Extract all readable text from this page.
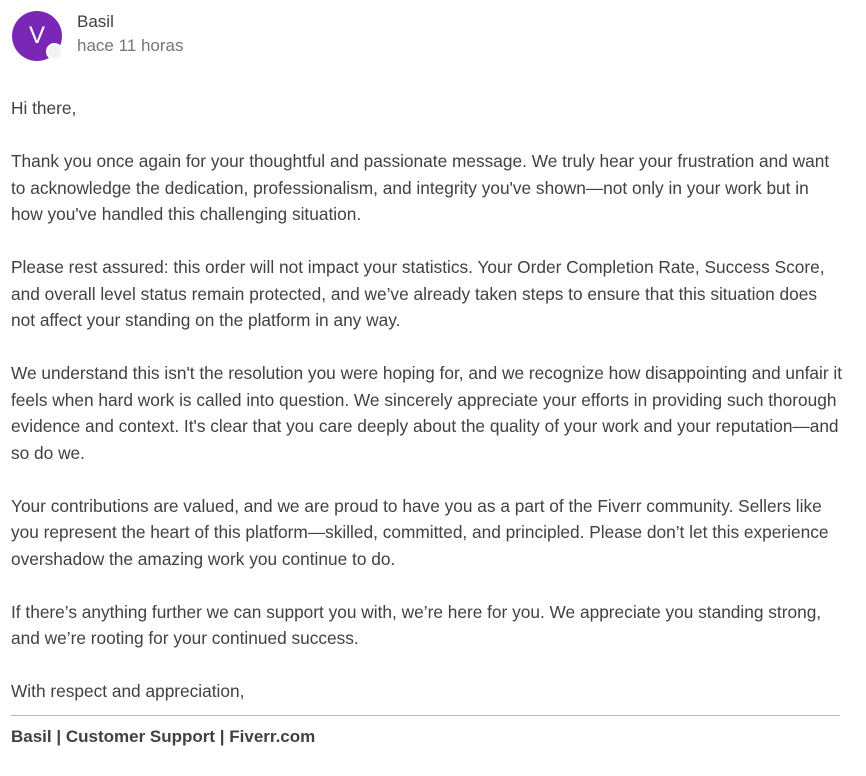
V
Basil
hace 11 horas

Hi there,

Thank you once again for your thoughtful and passionate message. We truly hear your frustration and want to acknowledge the dedication, professionalism, and integrity you've shown—not only in your work but in how you've handled this challenging situation.

Please rest assured: this order will not impact your statistics. Your Order Completion Rate, Success Score, and overall level status remain protected, and we’ve already taken steps to ensure that this situation does not affect your standing on the platform in any way.

We understand this isn't the resolution you were hoping for, and we recognize how disappointing and unfair it feels when hard work is called into question. We sincerely appreciate your efforts in providing such thorough evidence and context. It's clear that you care deeply about the quality of your work and your reputation—and so do we.

Your contributions are valued, and we are proud to have you as a part of the Fiverr community. Sellers like you represent the heart of this platform—skilled, committed, and principled. Please don’t let this experience overshadow the amazing work you continue to do.

If there’s anything further we can support you with, we’re here for you. We appreciate you standing strong, and we’re rooting for your continued success.

With respect and appreciation,

Basil | Customer Support | Fiverr.com
